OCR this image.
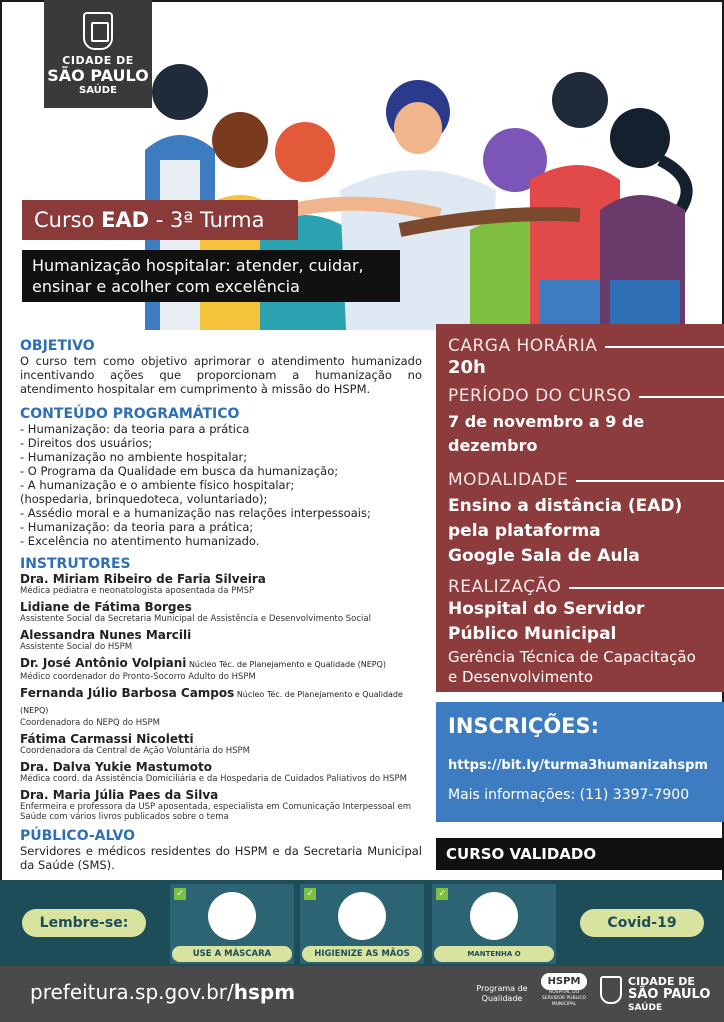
CIDADE DE
SÃO PAULO
SAÚDE
Curso EAD - 3ª Turma
Humanização hospitalar: atender, cuidar, ensinar e acolher com excelência
OBJETIVO

O curso tem como objetivo aprimorar o atendimento humanizado incentivando ações que proporcionam a humanização no atendimento hospitalar em cumprimento à missão do HSPM.

CONTEÚDO PROGRAMÁTICO
- Humanização: da teoria para a prática
- Direitos dos usuários;
- Humanização no ambiente hospitalar;
- O Programa da Qualidade em busca da humanização;
- A humanização e o ambiente físico hospitalar;
(hospedaria, brinquedoteca, voluntariado);
- Assédio moral e a humanização nas relações interpessoais;
- Humanização: da teoria para a prática;
- Excelência no atentimento humanizado.
INSTRUTORES
Dra. Miriam Ribeiro de Faria Silveira
Médica pediatra e neonatologista aposentada da PMSP
Lidiane de Fátima Borges
Assistente Social da Secretaria Municipal de Assistência e Desenvolvimento Social
Alessandra Nunes Marcili
Assistente Social do HSPM
Dr. José Antônio Volpiani Núcleo Téc. de Planejamento e Qualidade (NEPQ)
Médico coordenador do Pronto-Socorro Adulto do HSPM
Fernanda Júlio Barbosa Campos Núcleo Téc. de Planejamento e Qualidade (NEPQ)
Coordenadora do NEPQ do HSPM
Fátima Carmassi Nicoletti
Coordenadora da Central de Ação Voluntária do HSPM
Dra. Dalva Yukie Mastumoto
Médica coord. da Assistência Domiciliária e da Hospedaria de Cuidados Paliativos do HSPM
Dra. Maria Júlia Paes da Silva
Enfermeira e professora da USP aposentada, especialista em Comunicação Interpessoal em Saúde com vários livros publicados sobre o tema
PÚBLICO-ALVO

Servidores e médicos residentes do HSPM e da Secretaria Municipal da Saúde (SMS).

CARGA HORÁRIA
20h
PERÍODO DO CURSO
7 de novembro a 9 de dezembro
MODALIDADE
Ensino a distância (EAD)
pela plataforma
Google Sala de Aula
REALIZAÇÃO
Hospital do Servidor
Público Municipal
Gerência Técnica de Capacitação
e Desenvolvimento
INSCRIÇÕES:
https://bit.ly/turma3humanizahspm
Mais informações: (11) 3397-7900
CURSO VALIDADO
Lembre-se:
✓
USE A MÁSCARA
✓
HIGIENIZE AS MÃOS
✓
MANTENHA O
Covid-19
prefeitura.sp.gov.br/hspm	Programa de Qualidade
HSPM
HOSPITAL DO SERVIDOR PÚBLICO MUNICIPAL
CIDADE DE
SÃO PAULO
SAÚDE
